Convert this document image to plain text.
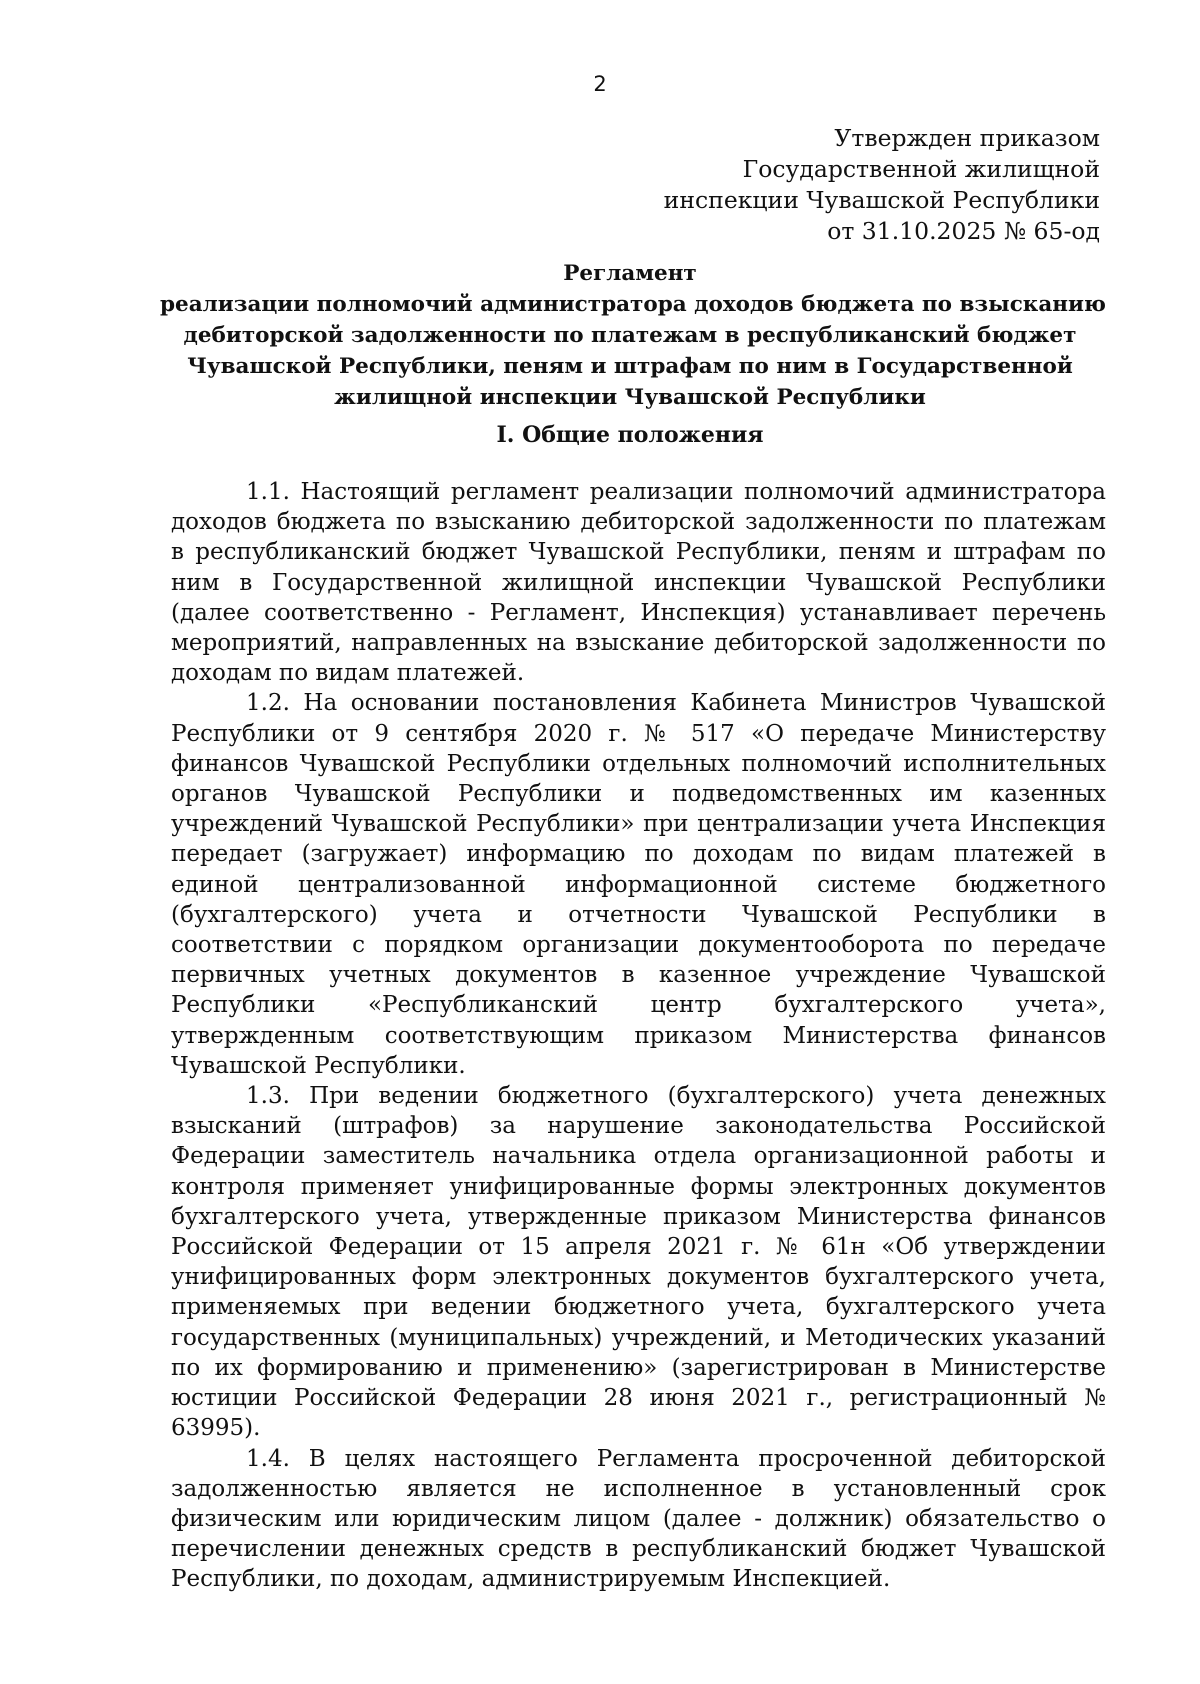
2
Утвержден приказом
Государственной жилищной
инспекции Чувашской Республики
от 31.10.2025 № 65-од
Регламент
реализации полномочий администратора доходов бюджета по взысканию
дебиторской задолженности по платежам в республиканский бюджет
Чувашской Республики, пеням и штрафам по ним в Государственной
жилищной инспекции Чувашской Республики
I. Общие положения

1.1. Настоящий регламент реализации полномочий администратора доходов бюджета по взысканию дебиторской задолженности по платежам в республиканский бюджет Чувашской Республики, пеням и штрафам по ним в Государственной жилищной инспекции Чувашской Республики (далее соответственно - Регламент, Инспекция) устанавливает перечень мероприятий, направленных на взыскание дебиторской задолженности по доходам по видам платежей.

1.2. На основании постановления Кабинета Министров Чувашской Республики от 9 сентября 2020 г. № 517 «О передаче Министерству финансов Чувашской Республики отдельных полномочий исполнительных органов Чувашской Республики и подведомственных им казенных учреждений Чувашской Республики» при централизации учета Инспекция передает (загружает) информацию по доходам по видам платежей в единой централизованной информационной системе бюджетного (бухгалтерского) учета и отчетности Чувашской Республики в соответствии с порядком организации документооборота по передаче первичных учетных документов в казенное учреждение Чувашской Республики «Республиканский центр бухгалтерского учета», утвержденным соответствующим приказом Министерства финансов Чувашской Республики.

1.3. При ведении бюджетного (бухгалтерского) учета денежных взысканий (штрафов) за нарушение законодательства Российской Федерации заместитель начальника отдела организационной работы и контроля применяет унифицированные формы электронных документов бухгалтерского учета, утвержденные приказом Министерства финансов Российской Федерации от 15 апреля 2021 г. № 61н «Об утверждении унифицированных форм электронных документов бухгалтерского учета, применяемых при ведении бюджетного учета, бухгалтерского учета государственных (муниципальных) учреждений, и Методических указаний по их формированию и применению» (зарегистрирован в Министерстве юстиции Российской Федерации 28 июня 2021 г., регистрационный № 63995).

1.4. В целях настоящего Регламента просроченной дебиторской задолженностью является не исполненное в установленный срок физическим или юридическим лицом (далее - должник) обязательство о перечислении денежных средств в республиканский бюджет Чувашской Республики, по доходам, администрируемым Инспекцией.
